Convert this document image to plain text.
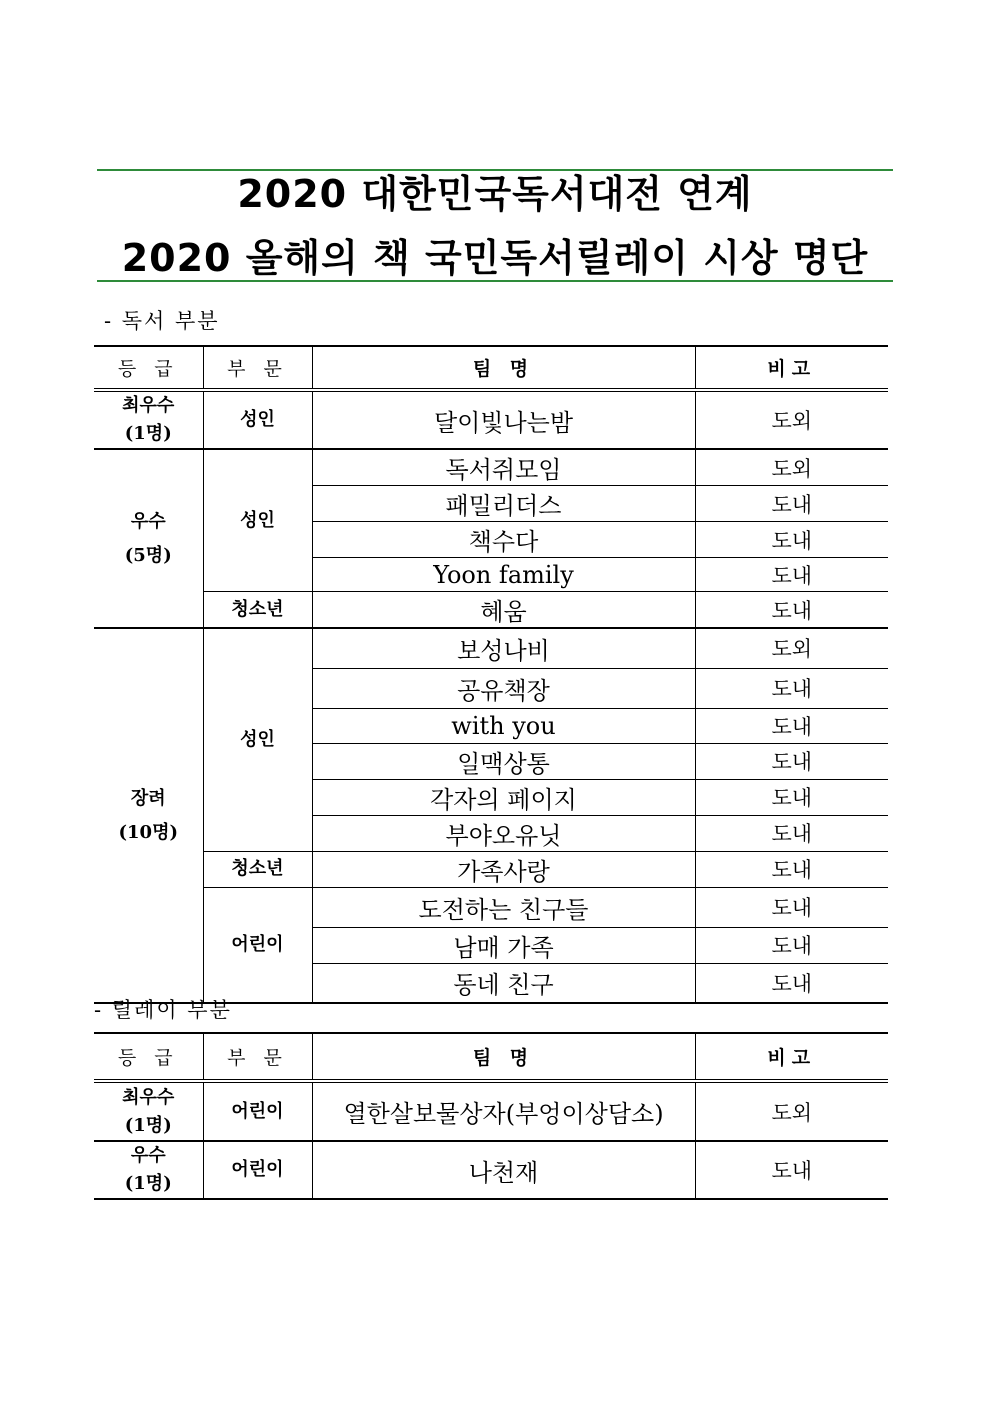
2020 대한민국독서대전 연계
2020 올해의 책 국민독서릴레이 시상 명단
- 독서 부분
등 급	부 문	팀 명	비고

최우수
(1명)	성인	달이빛나는밤	도외

우수
(5명)	성인	독서쥐모임	도외
		패밀리더스	도내
		책수다	도내
		Yoon family	도내
	청소년	혜움	도내

장려
(10명)	성인	보성나비	도외
		공유책장	도내
		with you	도내
		일맥상통	도내
		각자의 페이지	도내
		부야오유닛	도내
	청소년	가족사랑	도내
	어린이	도전하는 친구들	도내
		남매 가족	도내
		동네 친구	도내
- 릴레이 부분
등 급	부 문	팀 명	비고

최우수
(1명)	어린이	열한살보물상자(부엉이상담소)	도외

우수
(1명)	어린이	나천재	도내
